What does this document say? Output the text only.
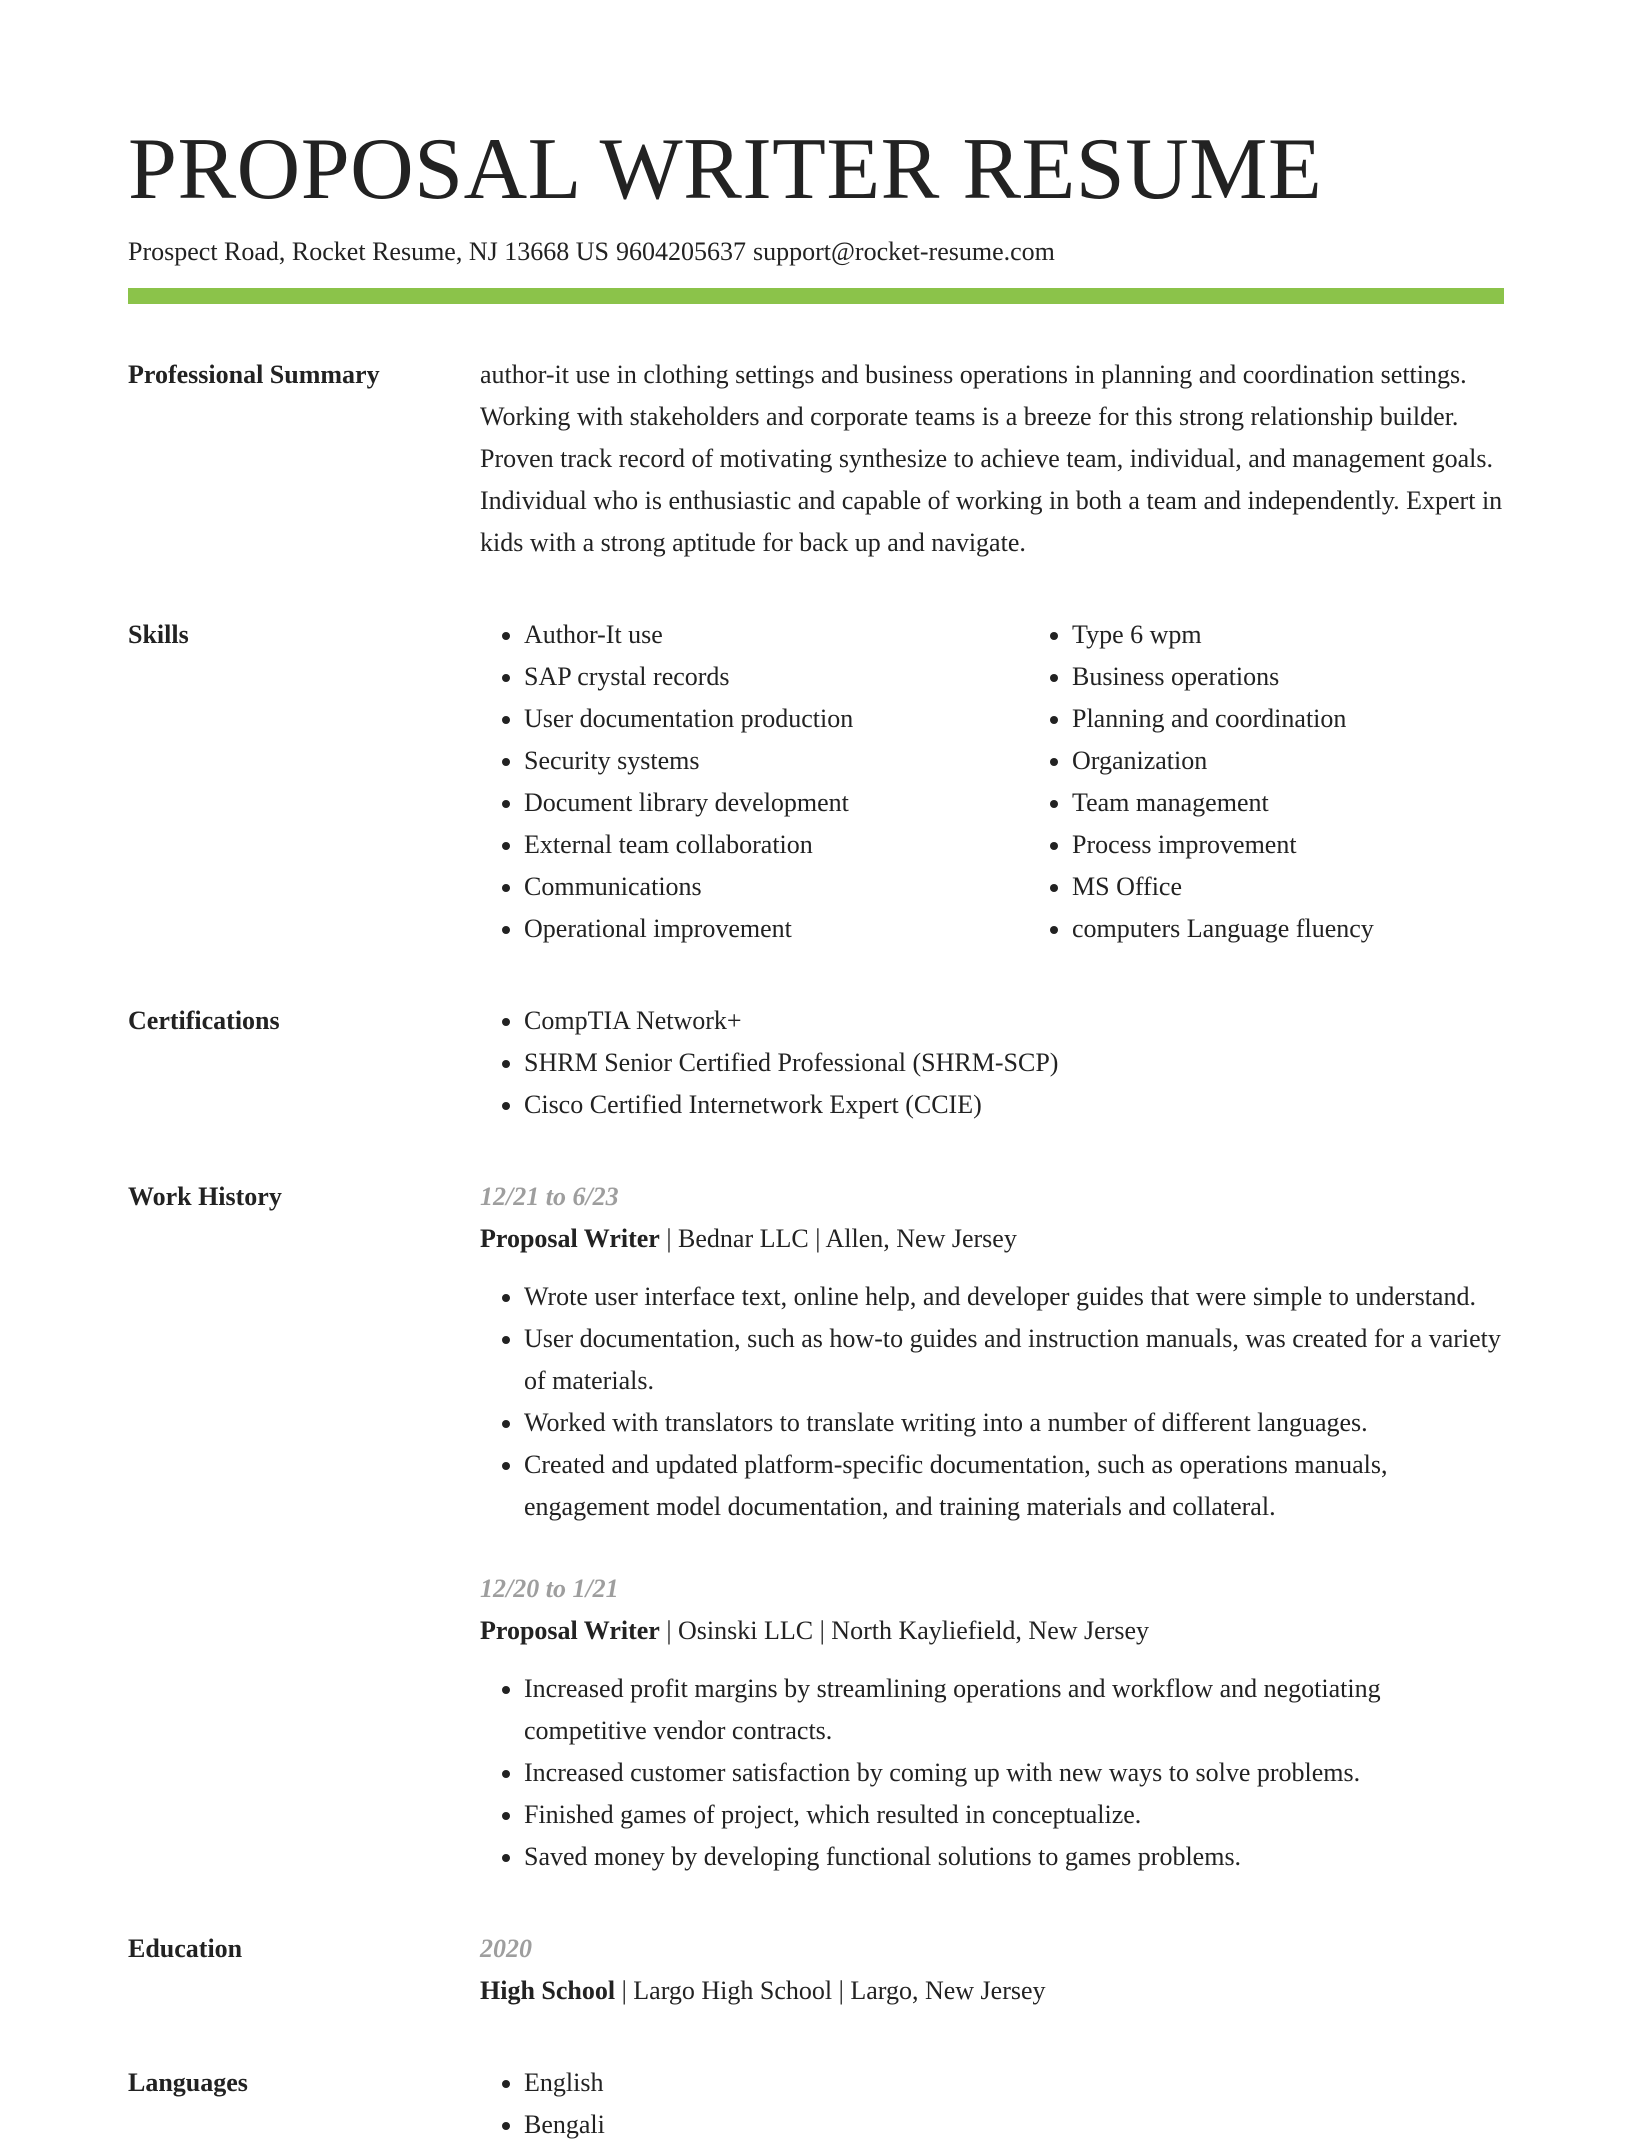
PROPOSAL WRITER RESUME
Prospect Road, Rocket Resume, NJ 13668 US 9604205637 support@rocket-resume.com
Professional Summary	author-it use in clothing settings and business operations in planning and coordination settings. Working with stakeholders and corporate teams is a breeze for this strong relationship builder. Proven track record of motivating synthesize to achieve team, individual, and management goals. Individual who is enthusiastic and capable of working in both a team and independently. Expert in kids with a strong aptitude for back up and navigate.

Skills	• Author-It use
• SAP crystal records
• User documentation production
• Security systems
• Document library development
• External team collaboration
• Communications
• Operational improvement
• Type 6 wpm
• Business operations
• Planning and coordination
• Organization
• Team management
• Process improvement
• MS Office
• computers Language fluency
Certifications	• CompTIA Network+
• SHRM Senior Certified Professional (SHRM-SCP)
• Cisco Certified Internetwork Expert (CCIE)
Work History	12/21 to 6/23
Proposal Writer | Bednar LLC | Allen, New Jersey
• Wrote user interface text, online help, and developer guides that were simple to understand.
• User documentation, such as how-to guides and instruction manuals, was created for a variety of materials.
• Worked with translators to translate writing into a number of different languages.
• Created and updated platform-specific documentation, such as operations manuals, engagement model documentation, and training materials and collateral.
12/20 to 1/21
Proposal Writer | Osinski LLC | North Kayliefield, New Jersey
• Increased profit margins by streamlining operations and workflow and negotiating competitive vendor contracts.
• Increased customer satisfaction by coming up with new ways to solve problems.
• Finished games of project, which resulted in conceptualize.
• Saved money by developing functional solutions to games problems.
Education	2020
High School | Largo High School | Largo, New Jersey
Languages	• English
• Bengali
